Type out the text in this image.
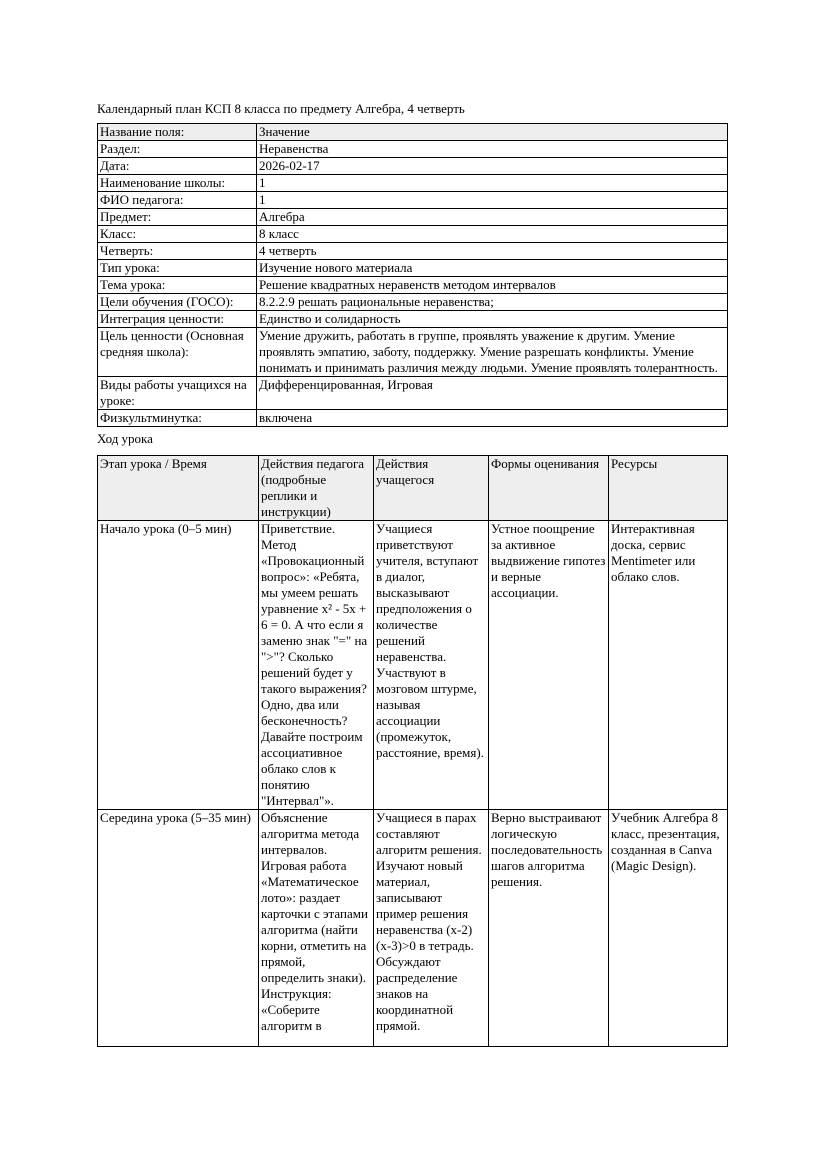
Календарный план КСП 8 класса по предмету Алгебра, 4 четверть

Название поля:	Значение
Раздел:	Неравенства
Дата:	2026-02-17
Наименование школы:	1
ФИО педагога:	1
Предмет:	Алгебра
Класс:	8 класс
Четверть:	4 четверть
Тип урока:	Изучение нового материала
Тема урока:	Решение квадратных неравенств методом интервалов
Цели обучения (ГОСО):	8.2.2.9 решать рациональные неравенства;
Интеграция ценности:	Единство и солидарность
Цель ценности (Основная средняя школа):	Умение дружить, работать в группе, проявлять уважение к другим. Умение проявлять эмпатию, заботу, поддержку. Умение разрешать конфликты. Умение понимать и принимать различия между людьми. Умение проявлять толерантность.
Виды работы учащихся на уроке:	Дифференцированная, Игровая
Физкультминутка:	включена

Ход урока

Этап урока / Время	Действия педагога (подробные реплики и инструкции)	Действия учащегося	Формы оценивания	Ресурсы
Начало урока (0–5 мин)	Приветствие. Метод «Провокационный вопрос»: «Ребята, мы умеем решать уравнение x² - 5x + 6 = 0. А что если я заменю знак "=" на ">"? Сколько решений будет у такого выражения? Одно, два или бесконечность? Давайте построим ассоциативное облако слов к понятию "Интервал"».	Учащиеся приветствуют учителя, вступают в диалог, высказывают предположения о количестве решений неравенства. Участвуют в мозговом штурме, называя ассоциации (промежуток, расстояние, время).	Устное поощрение за активное выдвижение гипотез и верные ассоциации.	Интерактивная доска, сервис Mentimeter или облако слов.

Середина урока (5–35 мин)	Объяснение алгоритма метода интервалов. Игровая работа «Математическое лото»: раздает карточки с этапами алгоритма (найти корни, отметить на прямой, определить знаки). Инструкция: «Соберите алгоритм в	Учащиеся в парах составляют алгоритм решения. Изучают новый материал, записывают пример решения неравенства (x-2)(x-3)>0 в тетрадь. Обсуждают распределение знаков на координатной прямой.	Верно выстраивают логическую последовательность шагов алгоритма решения.	Учебник Алгебра 8 класс, презентация, созданная в Canva (Magic Design).
